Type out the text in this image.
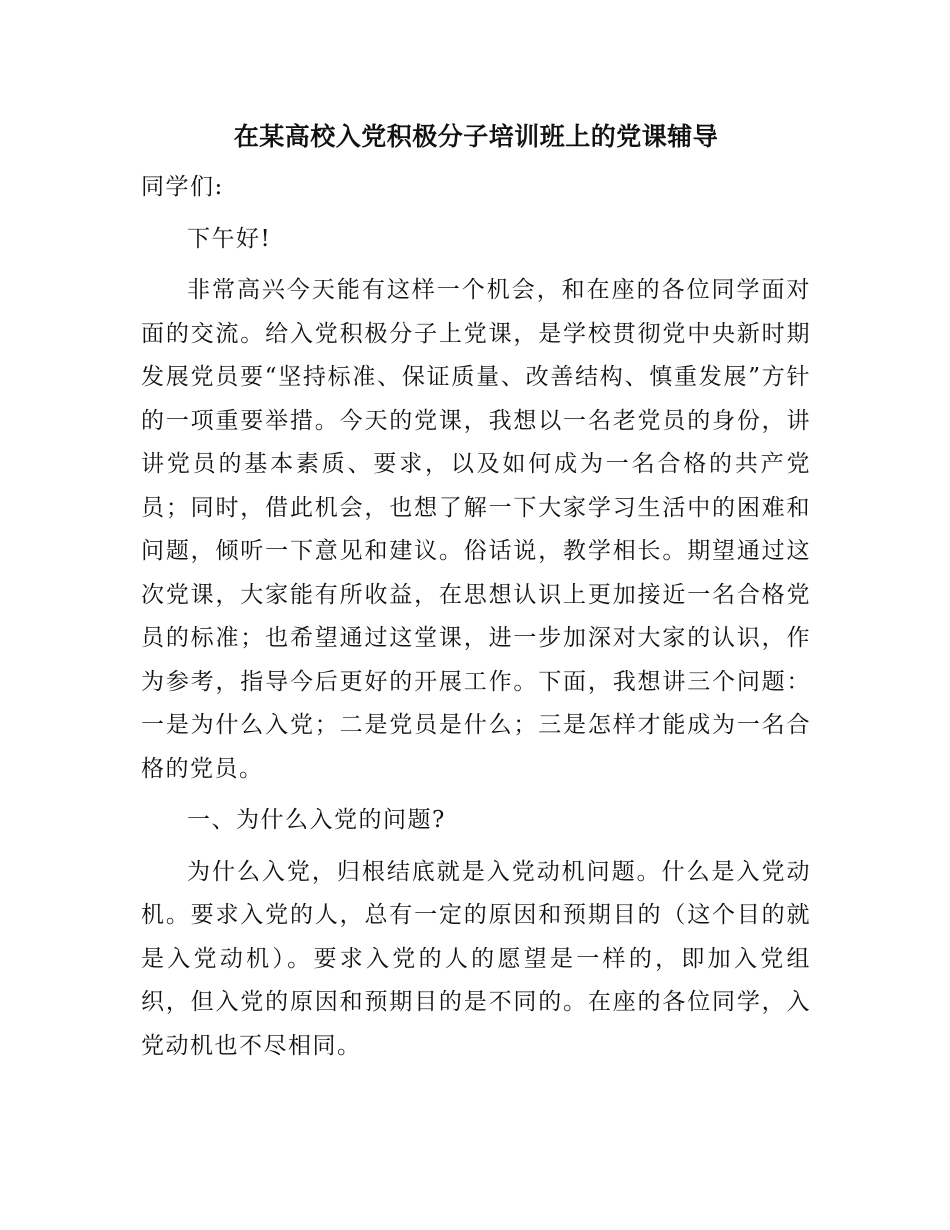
在某高校入党积极分子培训班上的党课辅导

同学们:

下午好!

非常高兴今天能有这样一个机会，和在座的各位同学面对面的交流。给入党积极分子上党课，是学校贯彻党中央新时期发展党员要“坚持标准、保证质量、改善结构、慎重发展”方针的一项重要举措。今天的党课，我想以一名老党员的身份，讲讲党员的基本素质、要求，以及如何成为一名合格的共产党员；同时，借此机会，也想了解一下大家学习生活中的困难和问题，倾听一下意见和建议。俗话说，教学相长。期望通过这次党课，大家能有所收益，在思想认识上更加接近一名合格党员的标准；也希望通过这堂课，进一步加深对大家的认识，作为参考，指导今后更好的开展工作。下面，我想讲三个问题：一是为什么入党；二是党员是什么；三是怎样才能成为一名合格的党员。

一、为什么入党的问题?

为什么入党，归根结底就是入党动机问题。什么是入党动机。要求入党的人，总有一定的原因和预期目的（这个目的就是入党动机）。要求入党的人的愿望是一样的，即加入党组织，但入党的原因和预期目的是不同的。在座的各位同学，入党动机也不尽相同。
